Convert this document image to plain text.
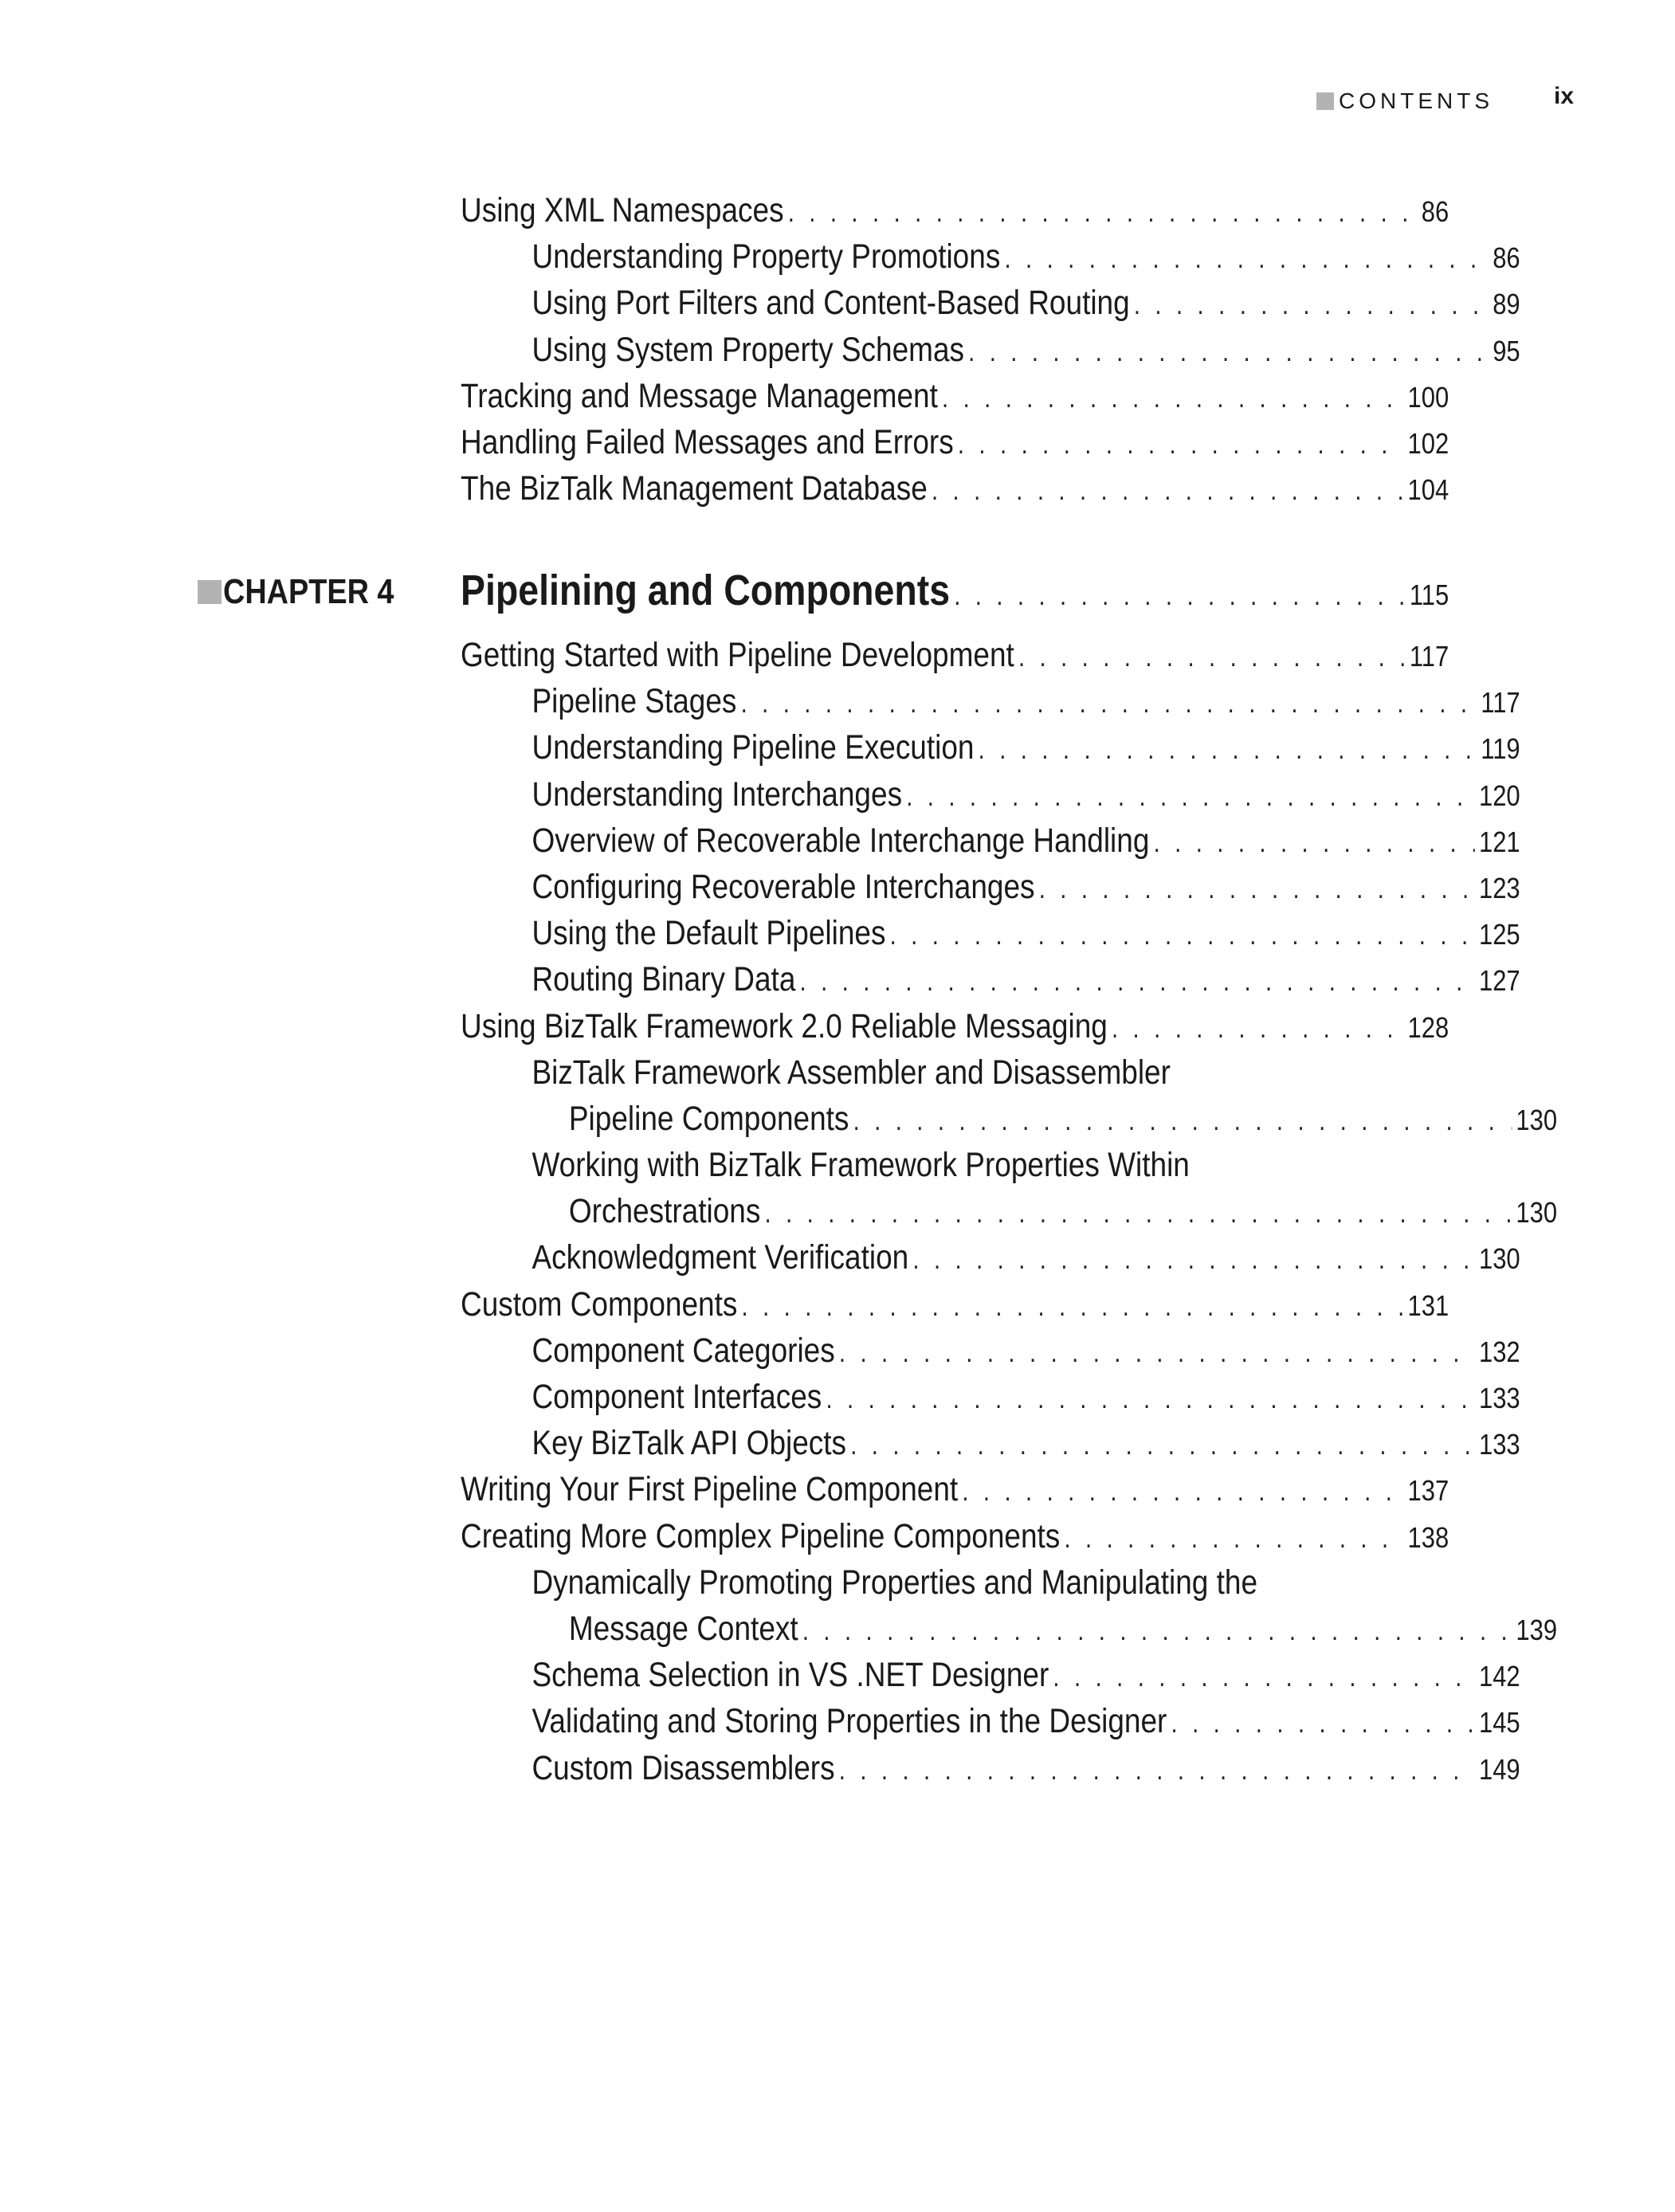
CONTENTS	ix
Using XML Namespaces . . .	86
Understanding Property Promotions . . .	86
Using Port Filters and Content-Based Routing . . .	89
Using System Property Schemas . . .	95
Tracking and Message Management . . .	100
Handling Failed Messages and Errors . . .	102
The BizTalk Management Database . . .	104
CHAPTER 4 Pipelining and Components . . .	115
Getting Started with Pipeline Development . . .	117
Pipeline Stages . . .	117
Understanding Pipeline Execution . . .	119
Understanding Interchanges . . .	120
Overview of Recoverable Interchange Handling . . .	121
Configuring Recoverable Interchanges . . .	123
Using the Default Pipelines . . .	125
Routing Binary Data . . .	127
Using BizTalk Framework 2.0 Reliable Messaging . . .	128
BizTalk Framework Assembler and Disassembler
Pipeline Components . . .	130
Working with BizTalk Framework Properties Within
Orchestrations . . .	130
Acknowledgment Verification . . .	130
Custom Components . . .	131
Component Categories . . .	132
Component Interfaces . . .	133
Key BizTalk API Objects . . .	133
Writing Your First Pipeline Component . . .	137
Creating More Complex Pipeline Components . . .	138
Dynamically Promoting Properties and Manipulating the
Message Context . . .	139
Schema Selection in VS .NET Designer . . .	142
Validating and Storing Properties in the Designer . . .	145
Custom Disassemblers . . .	149
